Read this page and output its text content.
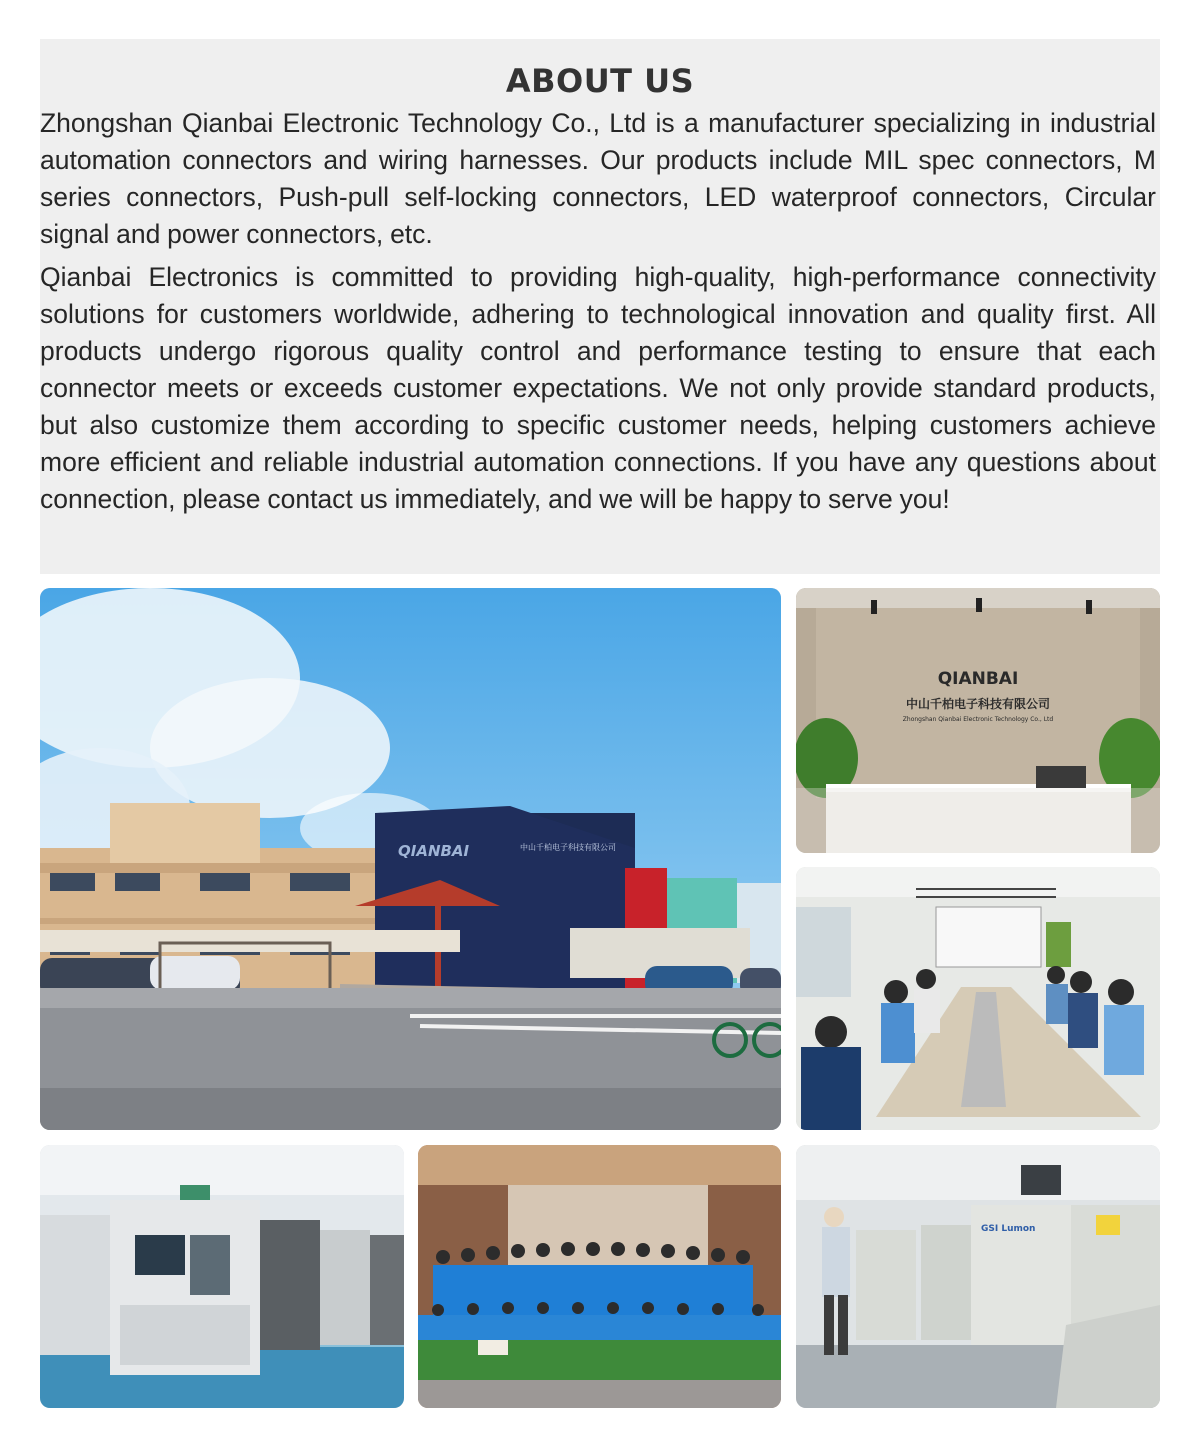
ABOUT US

Zhongshan Qianbai Electronic Technology Co., Ltd is a manufacturer specializing in industrial automation connectors and wiring harnesses. Our products include MIL spec connectors, M series connectors, Push-pull self-locking connectors, LED waterproof connectors, Circular signal and power connectors, etc.

Qianbai Electronics is committed to providing high-quality, high-performance connectivity solutions for customers worldwide, adhering to technological innovation and quality first. All products undergo rigorous quality control and performance testing to ensure that each connector meets or exceeds customer expectations. We not only provide standard products, but also customize them according to specific customer needs, helping customers achieve more efficient and reliable industrial automation connections. If you have any questions about connection, please contact us immediately, and we will be happy to serve you!

QIANBAI	中山千柏电子科技有限公司
QIANBAI
中山千柏电子科技有限公司
Zhongshan Qianbai Electronic Technology Co., Ltd
GSI Lumon
